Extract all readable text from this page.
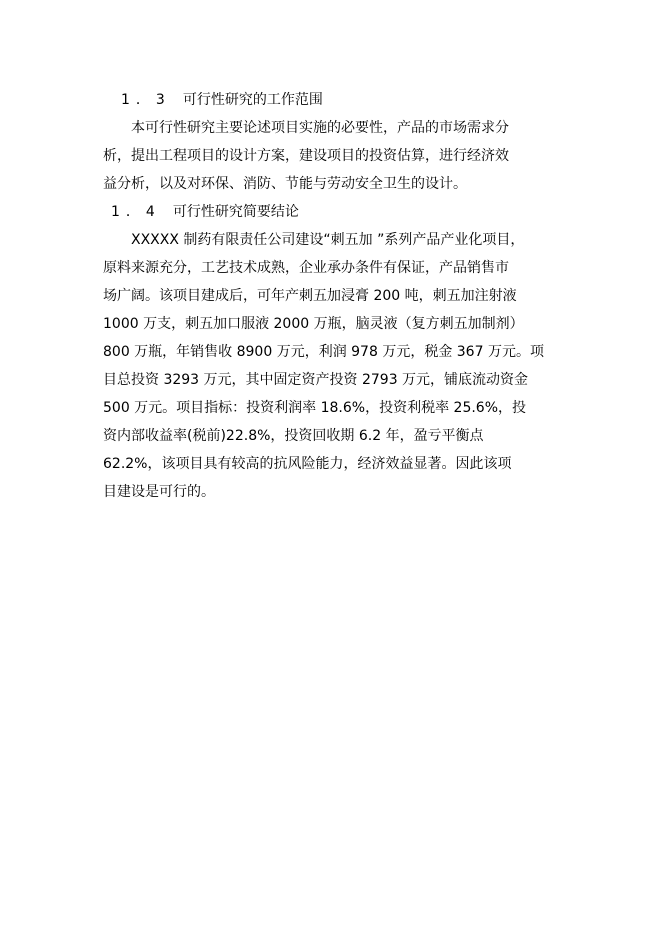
1．3 可行性研究的工作范围

本可行性研究主要论述项目实施的必要性，产品的市场需求分
析，提出工程项目的设计方案，建设项目的投资估算，进行经济效
益分析，以及对环保、消防、节能与劳动安全卫生的设计。

1．4 可行性研究简要结论

XXXXX 制药有限责任公司建设“刺五加 ”系列产品产业化项目，
原料来源充分，工艺技术成熟，企业承办条件有保证，产品销售市
场广阔。该项目建成后，可年产刺五加浸膏 200 吨，刺五加注射液
1000 万支，刺五加口服液 2000 万瓶，脑灵液（复方刺五加制剂）
800 万瓶，年销售收 8900 万元，利润 978 万元，税金 367 万元。项
目总投资 3293 万元，其中固定资产投资 2793 万元，铺底流动资金
500 万元。项目指标：投资利润率 18.6%，投资利税率 25.6%，投
资内部收益率(税前)22.8%，投资回收期 6.2 年，盈亏平衡点
62.2%，该项目具有较高的抗风险能力，经济效益显著。因此该项
目建设是可行的。
